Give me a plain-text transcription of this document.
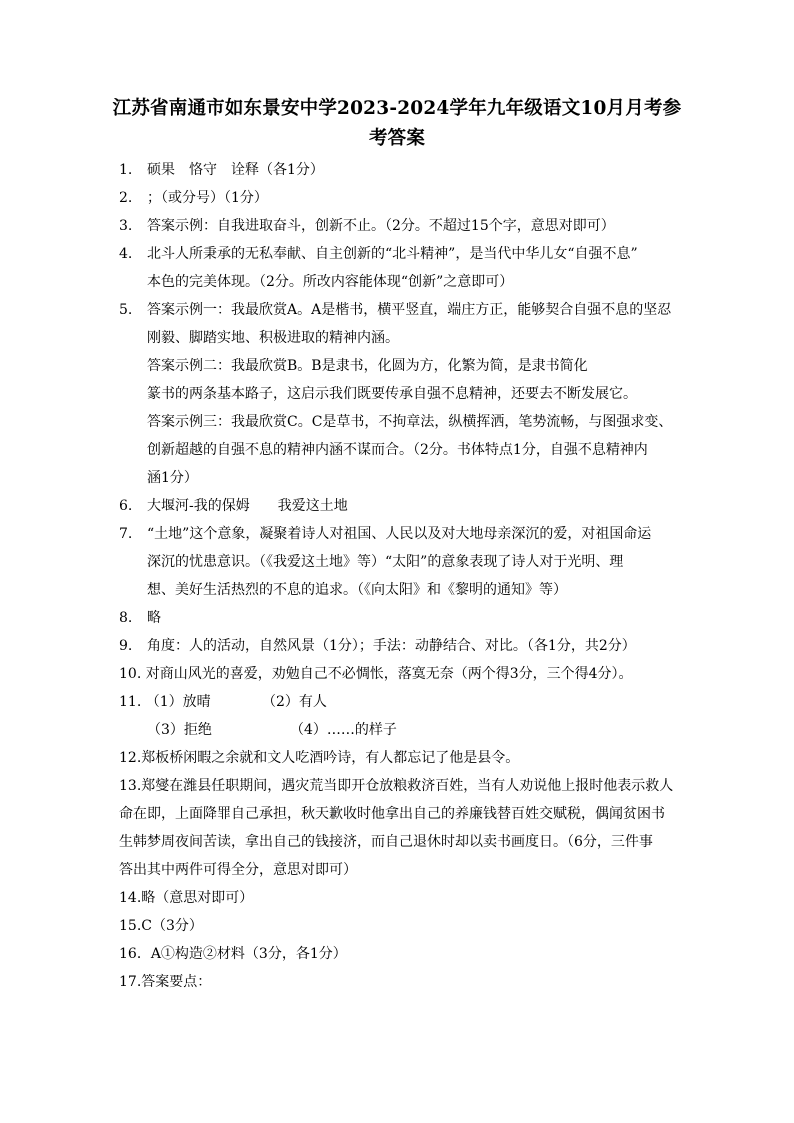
江苏省南通市如东景安中学2023-2024学年九年级语文10月月考参
考答案
1. 硕果　恪守　诠释（各1分）
2. ；（或分号）（1分）
3. 答案示例：自我进取奋斗，创新不止。（2分。不超过15个字，意思对即可）
4. 北斗人所秉承的无私奉献、自主创新的“北斗精神”，是当代中华儿女“自强不息”
本色的完美体现。（2分。所改内容能体现“创新”之意即可）
5. 答案示例一：我最欣赏A。A是楷书，横平竖直，端庄方正，能够契合自强不息的坚忍
刚毅、脚踏实地、积极进取的精神内涵。
答案示例二：我最欣赏B。B是隶书，化圆为方，化繁为简，是隶书简化
篆书的两条基本路子，这启示我们既要传承自强不息精神，还要去不断发展它。
答案示例三：我最欣赏C。C是草书，不拘章法，纵横挥洒，笔势流畅，与图强求变、
创新超越的自强不息的精神内涵不谋而合。（2分。书体特点1分，自强不息精神内
涵1分）
6. 大堰河-我的保姆　　我爱这土地
7. “土地”这个意象，凝聚着诗人对祖国、人民以及对大地母亲深沉的爱，对祖国命运
深沉的忧患意识。（《我爱这土地》等）“太阳”的意象表现了诗人对于光明、理
想、美好生活热烈的不息的追求。（《向太阳》和《黎明的通知》等）
8. 略
9. 角度：人的活动，自然风景（1分）；手法：动静结合、对比。（各1分，共2分）
10. 对商山风光的喜爱，劝勉自己不必惆怅，落寞无奈（两个得3分，三个得4分）。
11. （1）放晴	（2）有人
（3）拒绝	（4）……的样子
12.郑板桥闲暇之余就和文人吃酒吟诗，有人都忘记了他是县令。
13.郑燮在潍县任职期间，遇灾荒当即开仓放粮救济百姓，当有人劝说他上报时他表示救人
命在即，上面降罪自己承担，秋天歉收时他拿出自己的养廉钱替百姓交赋税，偶闻贫困书
生韩梦周夜间苦读，拿出自己的钱接济，而自己退休时却以卖书画度日。（6分，三件事
答出其中两件可得全分，意思对即可）
14.略（意思对即可）
15.C（3分）
16．A①构造②材料（3分，各1分）
17.答案要点：
